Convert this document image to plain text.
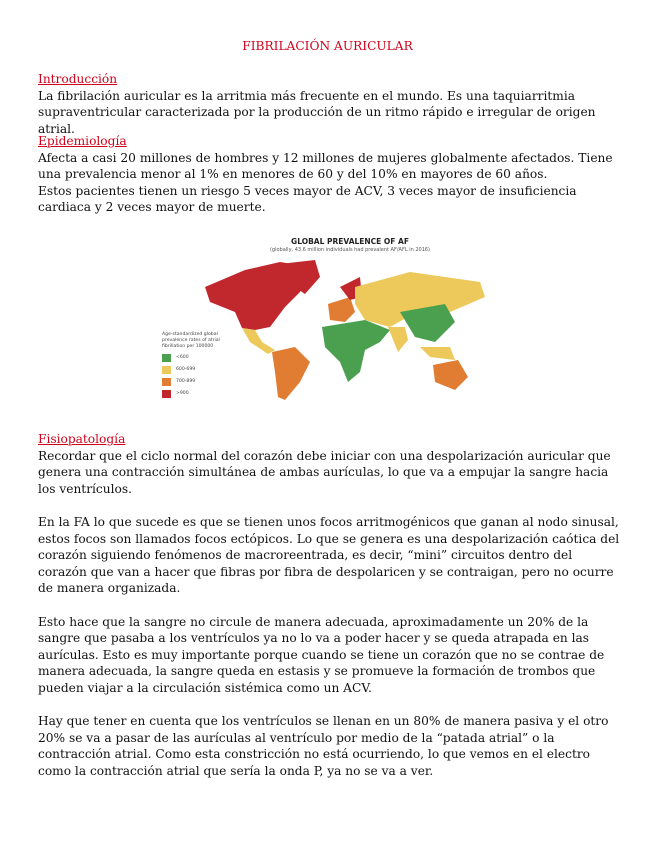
FIBRILACIÓN AURICULAR
Introducción

La fibrilación auricular es la arritmia más frecuente en el mundo. Es una taquiarritmia supraventricular caracterizada por la producción de un ritmo rápido e irregular de origen atrial.

Epidemiología

Afecta a casi 20 millones de hombres y 12 millones de mujeres globalmente afectados. Tiene una prevalencia menor al 1% en menores de 60 y del 10% en mayores de 60 años.

Estos pacientes tienen un riesgo 5 veces mayor de ACV, 3 veces mayor de insuficiencia cardiaca y 2 veces mayor de muerte.

GLOBAL PREVALENCE OF AF
(globally, 43.6 million individuals had prevalent AF/AFL in 2016)
Age-standardized global prevalence rates of atrial fibrillation per 100000
<600
600-699
700-899
>900
Fisiopatología

Recordar que el ciclo normal del corazón debe iniciar con una despolarización auricular que genera una contracción simultánea de ambas aurículas, lo que va a empujar la sangre hacia los ventrículos.

En la FA lo que sucede es que se tienen unos focos arritmogénicos que ganan al nodo sinusal, estos focos son llamados focos ectópicos. Lo que se genera es una despolarización caótica del corazón siguiendo fenómenos de macroreentrada, es decir, “mini” circuitos dentro del corazón que van a hacer que fibras por fibra de despolaricen y se contraigan, pero no ocurre de manera organizada.

Esto hace que la sangre no circule de manera adecuada, aproximadamente un 20% de la sangre que pasaba a los ventrículos ya no lo va a poder hacer y se queda atrapada en las aurículas. Esto es muy importante porque cuando se tiene un corazón que no se contrae de manera adecuada, la sangre queda en estasis y se promueve la formación de trombos que pueden viajar a la circulación sistémica como un ACV.

Hay que tener en cuenta que los ventrículos se llenan en un 80% de manera pasiva y el otro 20% se va a pasar de las aurículas al ventrículo por medio de la “patada atrial” o la contracción atrial. Como esta constricción no está ocurriendo, lo que vemos en el electro como la contracción atrial que sería la onda P, ya no se va a ver.
